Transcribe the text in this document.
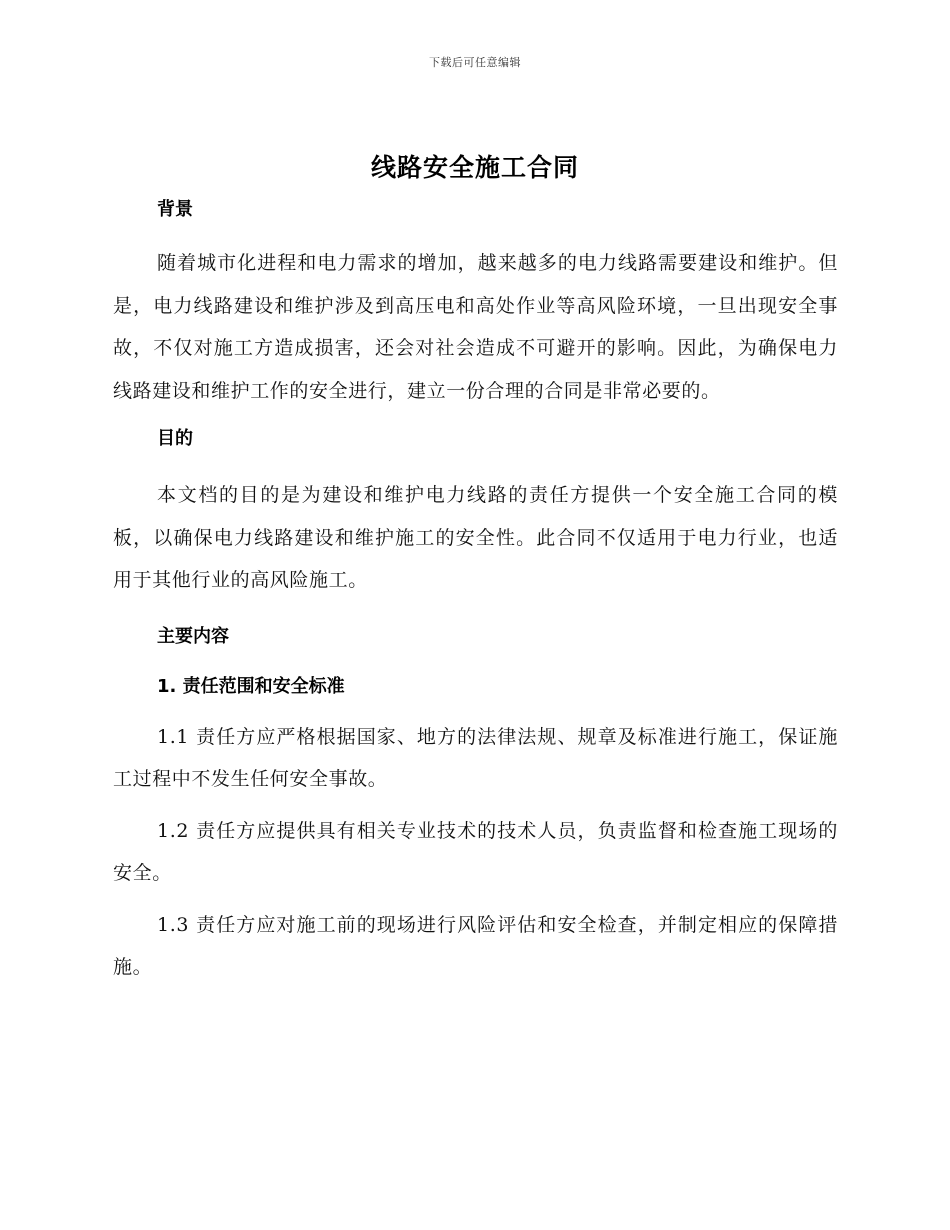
下载后可任意编辑
线路安全施工合同
背景

随着城市化进程和电力需求的增加，越来越多的电力线路需要建设和维护。但是，电力线路建设和维护涉及到高压电和高处作业等高风险环境，一旦出现安全事故，不仅对施工方造成损害，还会对社会造成不可避开的影响。因此，为确保电力线路建设和维护工作的安全进行，建立一份合理的合同是非常必要的。

目的

本文档的目的是为建设和维护电力线路的责任方提供一个安全施工合同的模板，以确保电力线路建设和维护施工的安全性。此合同不仅适用于电力行业，也适用于其他行业的高风险施工。

主要内容
1. 责任范围和安全标准

1.1 责任方应严格根据国家、地方的法律法规、规章及标准进行施工，保证施工过程中不发生任何安全事故。

1.2 责任方应提供具有相关专业技术的技术人员，负责监督和检查施工现场的安全。

1.3 责任方应对施工前的现场进行风险评估和安全检查，并制定相应的保障措施。
